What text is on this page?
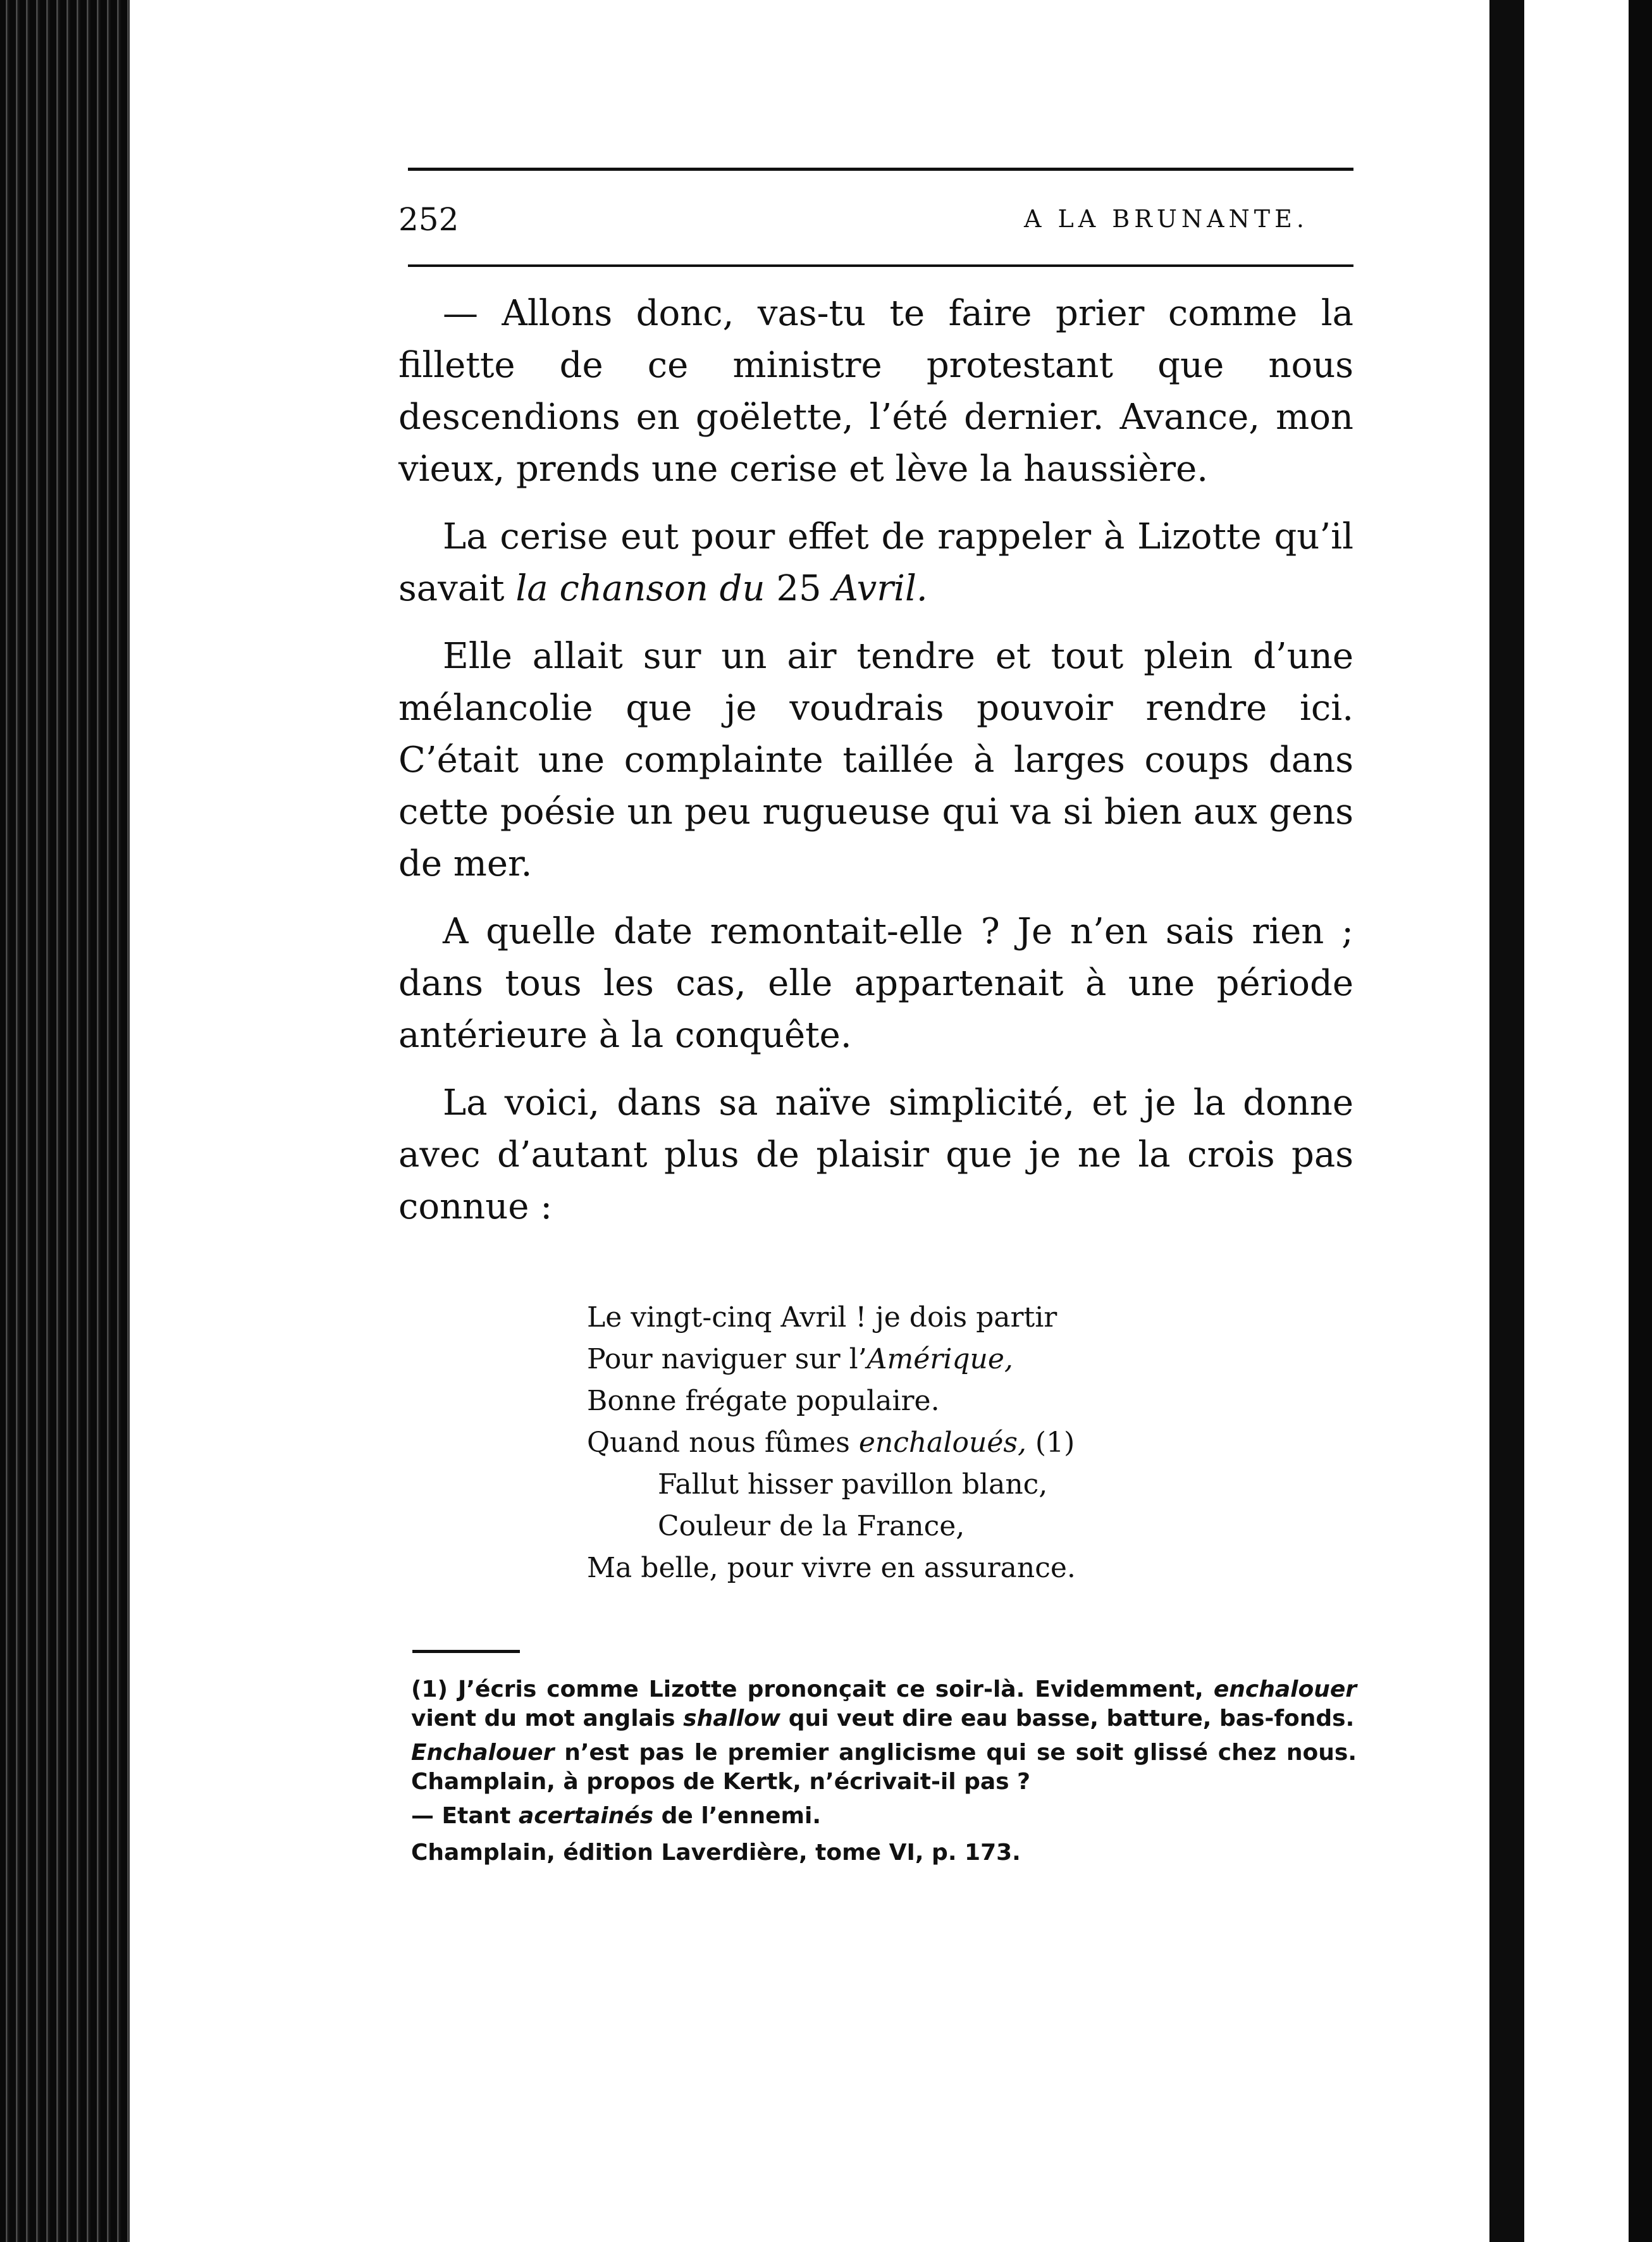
252	A LA BRUNANTE.

— Allons donc, vas-tu te faire prier comme la fillette de ce ministre protestant que nous descendions en goëlette, l’été dernier. Avance, mon vieux, prends une cerise et lève la haussière.

La cerise eut pour effet de rappeler à Lizotte qu’il savait la chanson du 25 Avril.

Elle allait sur un air tendre et tout plein d’une mélancolie que je voudrais pouvoir rendre ici. C’était une complainte taillée à larges coups dans cette poésie un peu rugueuse qui va si bien aux gens de mer.

A quelle date remontait-elle ? Je n’en sais rien ; dans tous les cas, elle appartenait à une période antérieure à la conquête.

La voici, dans sa naïve simplicité, et je la donne avec d’autant plus de plaisir que je ne la crois pas connue :

Le vingt-cinq Avril ! je dois partir
Pour naviguer sur l’Amérique,
Bonne frégate populaire.
Quand nous fûmes enchaloués, (1)
Fallut hisser pavillon blanc,
Couleur de la France,
Ma belle, pour vivre en assurance.

(1) J’écris comme Lizotte prononçait ce soir-là. Evidemment, enchalouer vient du mot anglais shallow qui veut dire eau basse, batture, bas-fonds.

Enchalouer n’est pas le premier anglicisme qui se soit glissé chez nous. Champlain, à propos de Kertk, n’écrivait-il pas ?

— Etant acertainés de l’ennemi.

Champlain, édition Laverdière, tome VI, p. 173.
